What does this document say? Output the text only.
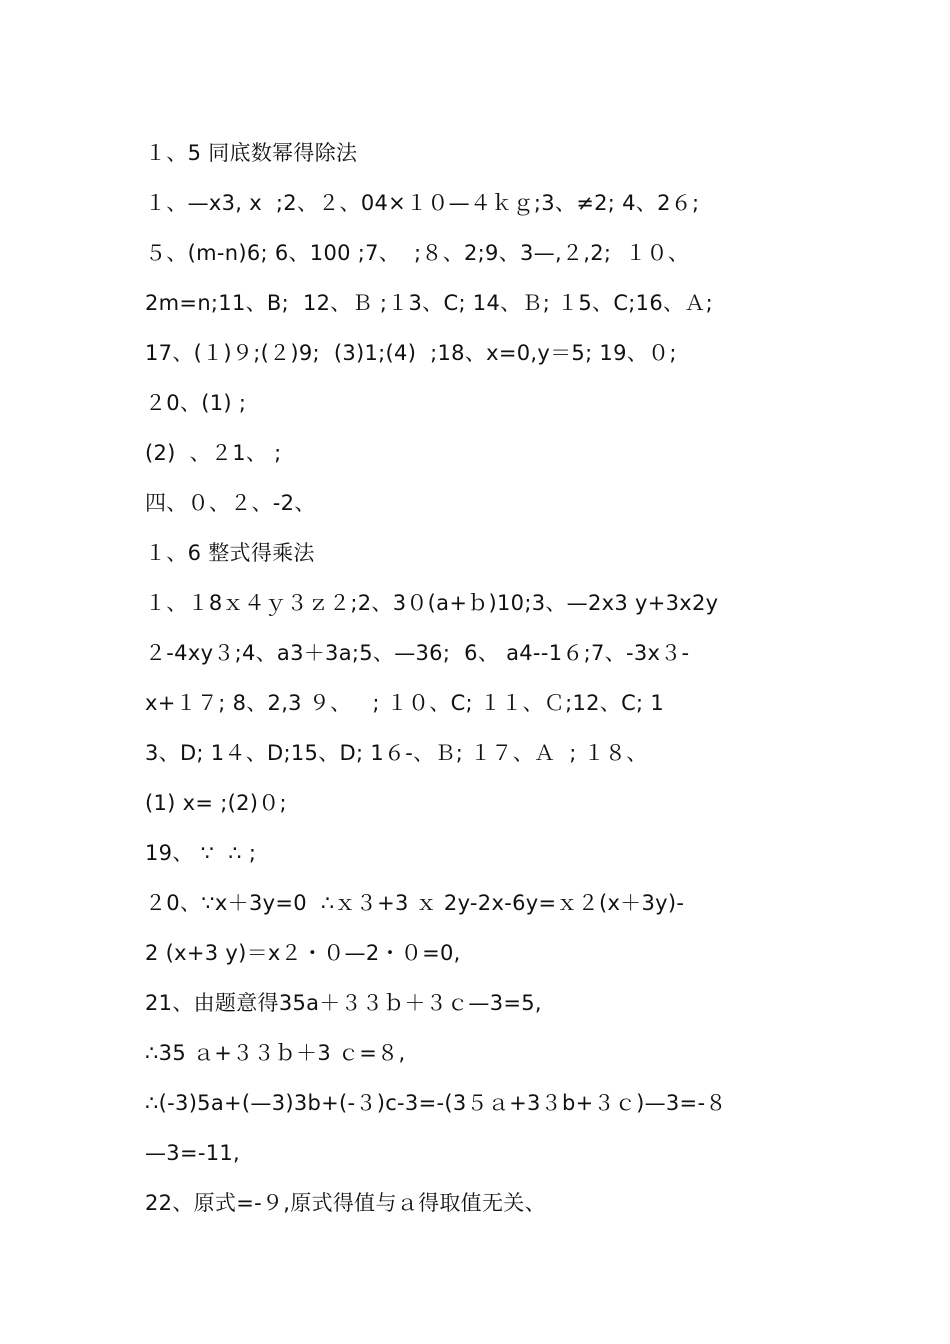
１、5 同底数幂得除法
１、—x3, x  ;2、２、04×１０—４ｋｇ;3、≠2; 4、2６;
５、(m-n)6; 6、100 ;7、  ;８、2;9、3—,２,2;  １０、
2m=n;11、B;  12、Ｂ ;１3、C; 14、Ｂ; １5、C;16、Ａ;
17、(１)９;(２)9;  (3)1;(4)  ;18、x=0,y＝5; 19、０;
２0、(1) ;
(2)  、２1、 ;
四、０、２、-2、
１、6 整式得乘法
１、１8ｘ４ｙ３ｚ２;2、3０(a+ｂ)10;3、—2x3 y+3x2y
２-4xy３;4、a3＋3a;5、—36;  6、 a4--1６;7、-3x３-
x+１７; 8、2,3 ９、   ; １０、C; １１、Ｃ;12、C; 1
3、D; 1４、D;15、D; 1６-、Ｂ; １７、Ａ  ; １８、
(1) x= ;(2)０;
19、 ∵  ∴ ;
２0、∵x＋3y=0  ∴ｘ３+3 ｘ 2y-2x-6y=ｘ２(x＋3y)-
2 (x+3 y)＝x２・０—2・０=0,
21、由题意得35a＋３３ｂ＋３ｃ—3=5,
∴35 ａ+３３ｂ＋3 ｃ=８,
∴(-3)5a+(—3)3b+(-３)c-3=-(3５ａ+3３b+３ｃ)—3=-８
—3=-11,
22、原式=-９,原式得值与ａ得取值无关、
